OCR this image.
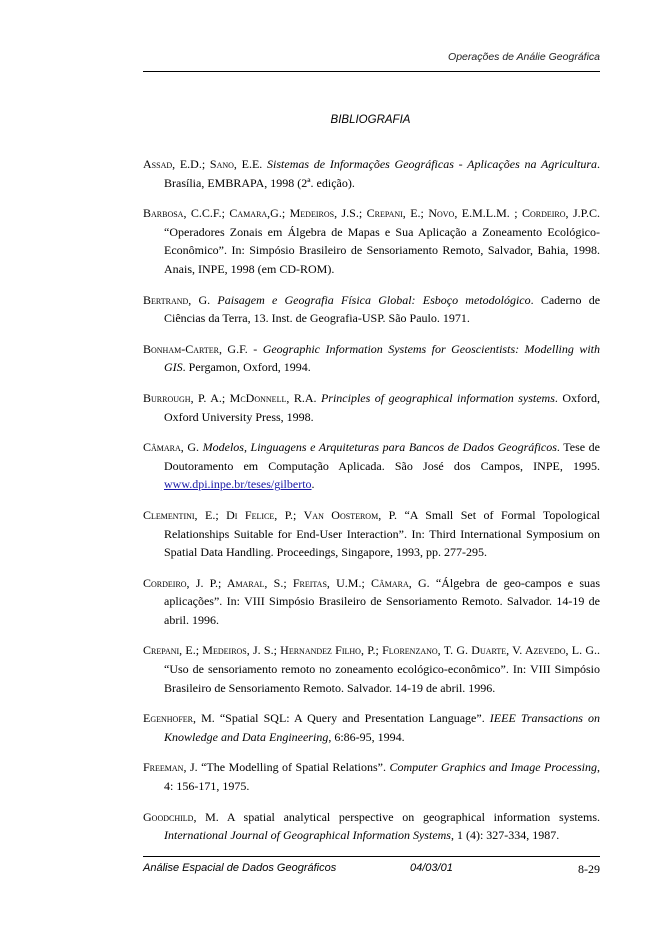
Operações de Análie Geográfica
BIBLIOGRAFIA

Assad, E.D.; Sano, E.E. Sistemas de Informações Geográficas - Aplicações na Agricultura. Brasília, EMBRAPA, 1998 (2ª. edição).

Barbosa, C.C.F.; Camara,G.; Medeiros, J.S.; Crepani, E.; Novo, E.M.L.M. ; Cordeiro, J.P.C. “Operadores Zonais em Álgebra de Mapas e Sua Aplicação a Zoneamento Ecológico-Econômico”. In: Simpósio Brasileiro de Sensoriamento Remoto, Salvador, Bahia, 1998. Anais, INPE, 1998 (em CD-ROM).

Bertrand, G. Paisagem e Geografia Física Global: Esboço metodológico. Caderno de Ciências da Terra, 13. Inst. de Geografia-USP. São Paulo. 1971.

Bonham-Carter, G.F. - Geographic Information Systems for Geoscientists: Modelling with GIS. Pergamon, Oxford, 1994.

Burrough, P. A.; McDonnell, R.A. Principles of geographical information systems. Oxford, Oxford University Press, 1998.

Câmara, G. Modelos, Linguagens e Arquiteturas para Bancos de Dados Geográficos. Tese de Doutoramento em Computação Aplicada. São José dos Campos, INPE, 1995. www.dpi.inpe.br/teses/gilberto.

Clementini, E.; Di Felice, P.; Van Oosterom, P. “A Small Set of Formal Topological Relationships Suitable for End-User Interaction”. In: Third International Symposium on Spatial Data Handling. Proceedings, Singapore, 1993, pp. 277-295.

Cordeiro, J. P.; Amaral, S.; Freitas, U.M.; Câmara, G. “Álgebra de geo-campos e suas aplicações”. In: VIII Simpósio Brasileiro de Sensoriamento Remoto. Salvador. 14-19 de abril. 1996.

Crepani, E.; Medeiros, J. S.; Hernandez Filho, P.; Florenzano, T. G. Duarte, V. Azevedo, L. G.. “Uso de sensoriamento remoto no zoneamento ecológico-econômico”. In: VIII Simpósio Brasileiro de Sensoriamento Remoto. Salvador. 14-19 de abril. 1996.

Egenhofer, M. “Spatial SQL: A Query and Presentation Language”. IEEE Transactions on Knowledge and Data Engineering, 6:86-95, 1994.

Freeman, J. “The Modelling of Spatial Relations”. Computer Graphics and Image Processing, 4: 156-171, 1975.

Goodchild, M. A spatial analytical perspective on geographical information systems. International Journal of Geographical Information Systems, 1 (4): 327-334, 1987.

Análise Espacial de Dados Geográficos	04/03/01	8-29
